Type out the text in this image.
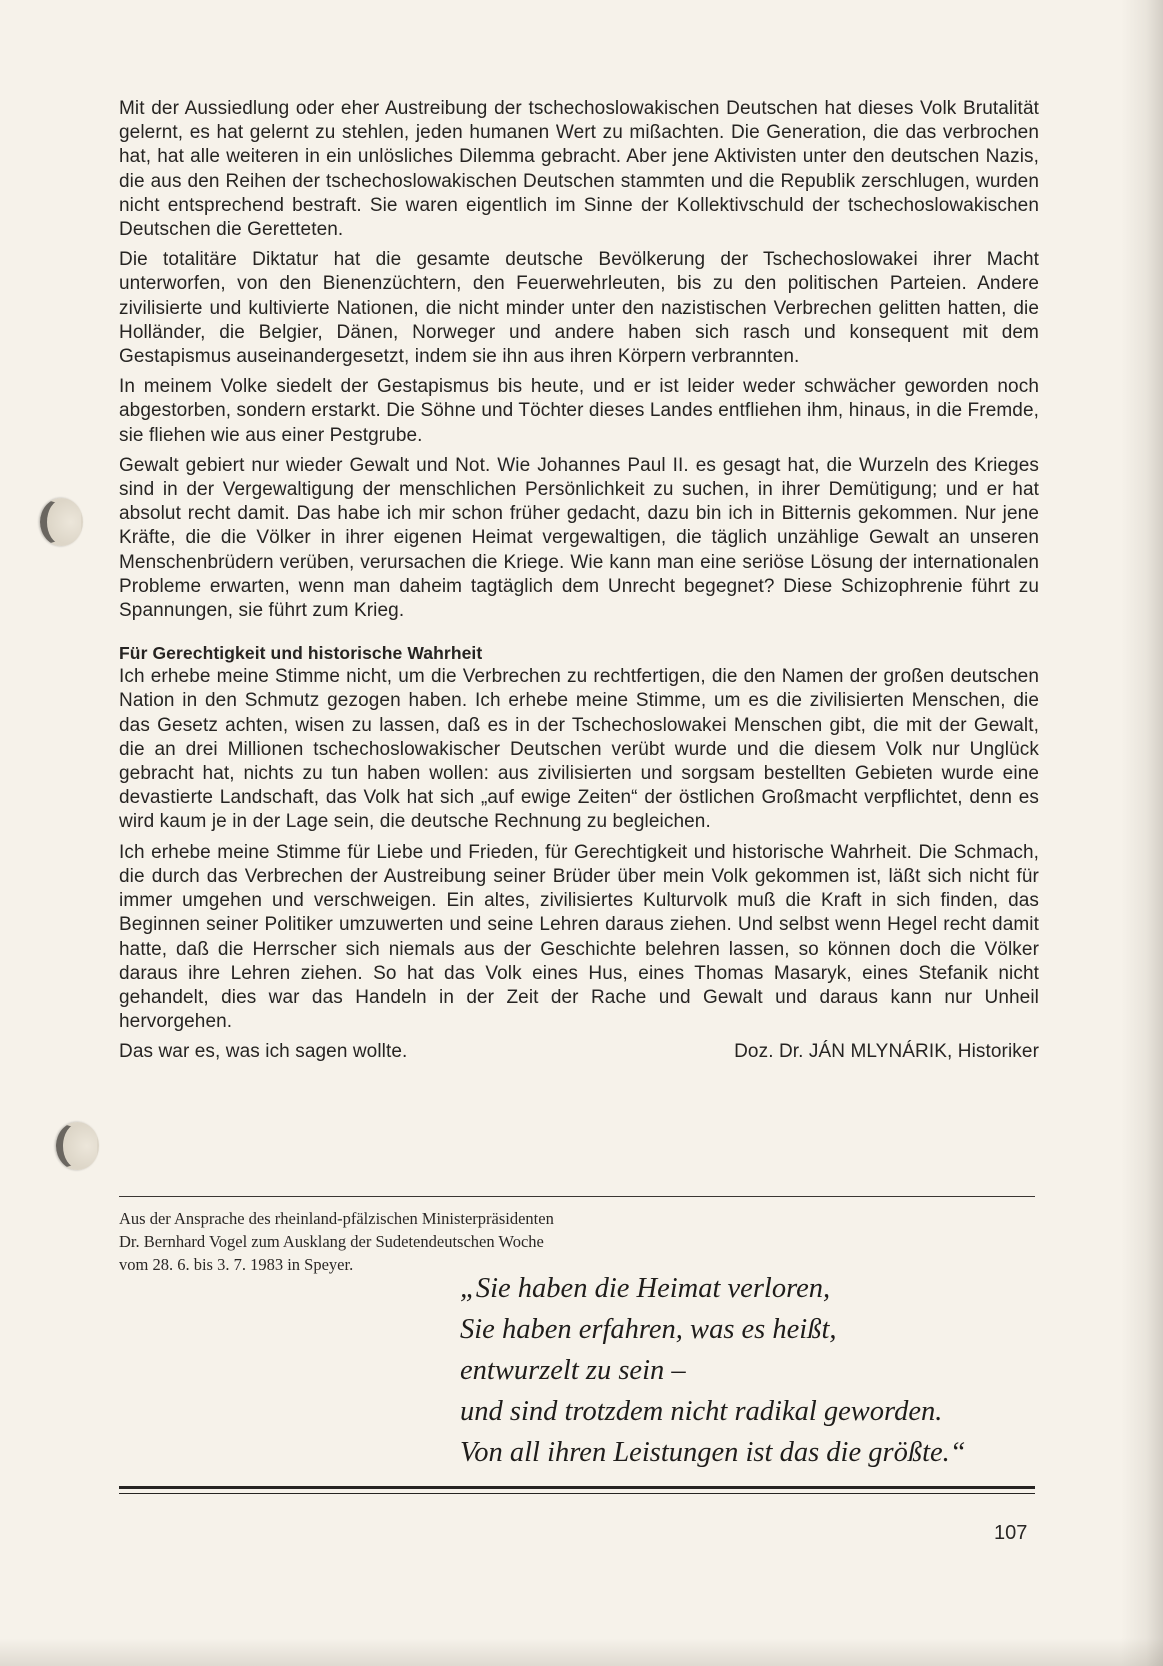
Mit der Aussiedlung oder eher Austreibung der tschechoslowakischen Deutschen hat dieses Volk Brutalität gelernt, es hat gelernt zu stehlen, jeden humanen Wert zu mißachten. Die Generation, die das verbrochen hat, hat alle weiteren in ein unlösliches Dilemma gebracht. Aber jene Aktivisten unter den deutschen Nazis, die aus den Reihen der tschechoslowakischen Deutschen stammten und die Republik zerschlugen, wurden nicht entsprechend bestraft. Sie waren eigentlich im Sinne der Kollektivschuld der tschechoslowakischen Deutschen die Geretteten.

Die totalitäre Diktatur hat die gesamte deutsche Bevölkerung der Tschechoslowakei ihrer Macht unterworfen, von den Bienenzüchtern, den Feuerwehrleuten, bis zu den politischen Parteien. Andere zivilisierte und kultivierte Nationen, die nicht minder unter den nazistischen Verbrechen gelitten hatten, die Holländer, die Belgier, Dänen, Norweger und andere haben sich rasch und konsequent mit dem Gestapismus auseinandergesetzt, indem sie ihn aus ihren Körpern verbrannten.

In meinem Volke siedelt der Gestapismus bis heute, und er ist leider weder schwächer geworden noch abgestorben, sondern erstarkt. Die Söhne und Töchter dieses Landes entfliehen ihm, hinaus, in die Fremde, sie fliehen wie aus einer Pestgrube.

Gewalt gebiert nur wieder Gewalt und Not. Wie Johannes Paul II. es gesagt hat, die Wurzeln des Krieges sind in der Vergewaltigung der menschlichen Persönlichkeit zu suchen, in ihrer Demütigung; und er hat absolut recht damit. Das habe ich mir schon früher gedacht, dazu bin ich in Bitternis gekommen. Nur jene Kräfte, die die Völker in ihrer eigenen Heimat vergewaltigen, die täglich unzählige Gewalt an unseren Menschenbrüdern verüben, verursachen die Kriege. Wie kann man eine seriöse Lösung der internationalen Probleme erwarten, wenn man daheim tagtäglich dem Unrecht begegnet? Diese Schizophrenie führt zu Spannungen, sie führt zum Krieg.

Für Gerechtigkeit und historische Wahrheit

Ich erhebe meine Stimme nicht, um die Verbrechen zu rechtfertigen, die den Namen der großen deutschen Nation in den Schmutz gezogen haben. Ich erhebe meine Stimme, um es die zivilisierten Menschen, die das Gesetz achten, wisen zu lassen, daß es in der Tschechoslowakei Menschen gibt, die mit der Gewalt, die an drei Millionen tschechoslowakischer Deutschen verübt wurde und die diesem Volk nur Unglück gebracht hat, nichts zu tun haben wollen: aus zivilisierten und sorgsam bestellten Gebieten wurde eine devastierte Landschaft, das Volk hat sich „auf ewige Zeiten“ der östlichen Großmacht verpflichtet, denn es wird kaum je in der Lage sein, die deutsche Rechnung zu begleichen.

Ich erhebe meine Stimme für Liebe und Frieden, für Gerechtigkeit und historische Wahrheit. Die Schmach, die durch das Verbrechen der Austreibung seiner Brüder über mein Volk gekommen ist, läßt sich nicht für immer umgehen und verschweigen. Ein altes, zivilisiertes Kulturvolk muß die Kraft in sich finden, das Beginnen seiner Politiker umzuwerten und seine Lehren daraus ziehen. Und selbst wenn Hegel recht damit hatte, daß die Herrscher sich niemals aus der Geschichte belehren lassen, so können doch die Völker daraus ihre Lehren ziehen. So hat das Volk eines Hus, eines Thomas Masaryk, eines Stefanik nicht gehandelt, dies war das Handeln in der Zeit der Rache und Gewalt und daraus kann nur Unheil hervorgehen.

Das war es, was ich sagen wollte.	Doz. Dr. JÁN MLYNÁRIK, Historiker
Aus der Ansprache des rheinland-pfälzischen Ministerpräsidenten
Dr. Bernhard Vogel zum Ausklang der Sudetendeutschen Woche
vom 28. 6. bis 3. 7. 1983 in Speyer.
„Sie haben die Heimat verloren,
Sie haben erfahren, was es heißt,
entwurzelt zu sein –
und sind trotzdem nicht radikal geworden.
Von all ihren Leistungen ist das die größte.“
107
